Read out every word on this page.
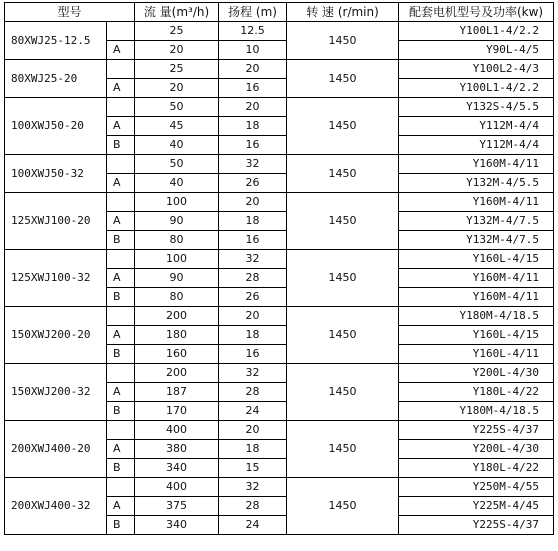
型号		流 量(m³/h)	扬程 (m)	转 速 (r/min)	配套电机型号及功率(kw)
80XWJ25-12.5		25	12.5	1450	Y100L1-4/2.2
	A	20	10		Y90L-4/5
80XWJ25-20		25	20	1450	Y100L2-4/3
	A	20	16		Y100L1-4/2.2
100XWJ50-20		50	20	1450	Y132S-4/5.5
	A	45	18		Y112M-4/4
	B	40	16		Y112M-4/4
100XWJ50-32		50	32	1450	Y160M-4/11
	A	40	26		Y132M-4/5.5
125XWJ100-20		100	20	1450	Y160M-4/11
	A	90	18		Y132M-4/7.5
	B	80	16		Y132M-4/7.5
125XWJ100-32		100	32	1450	Y160L-4/15
	A	90	28		Y160M-4/11
	B	80	26		Y160M-4/11
150XWJ200-20		200	20	1450	Y180M-4/18.5
	A	180	18		Y160L-4/15
	B	160	16		Y160L-4/11
150XWJ200-32		200	32	1450	Y200L-4/30
	A	187	28		Y180L-4/22
	B	170	24		Y180M-4/18.5
200XWJ400-20		400	20	1450	Y225S-4/37
	A	380	18		Y200L-4/30
	B	340	15		Y180L-4/22
200XWJ400-32		400	32	1450	Y250M-4/55
	A	375	28		Y225M-4/45
	B	340	24		Y225S-4/37
